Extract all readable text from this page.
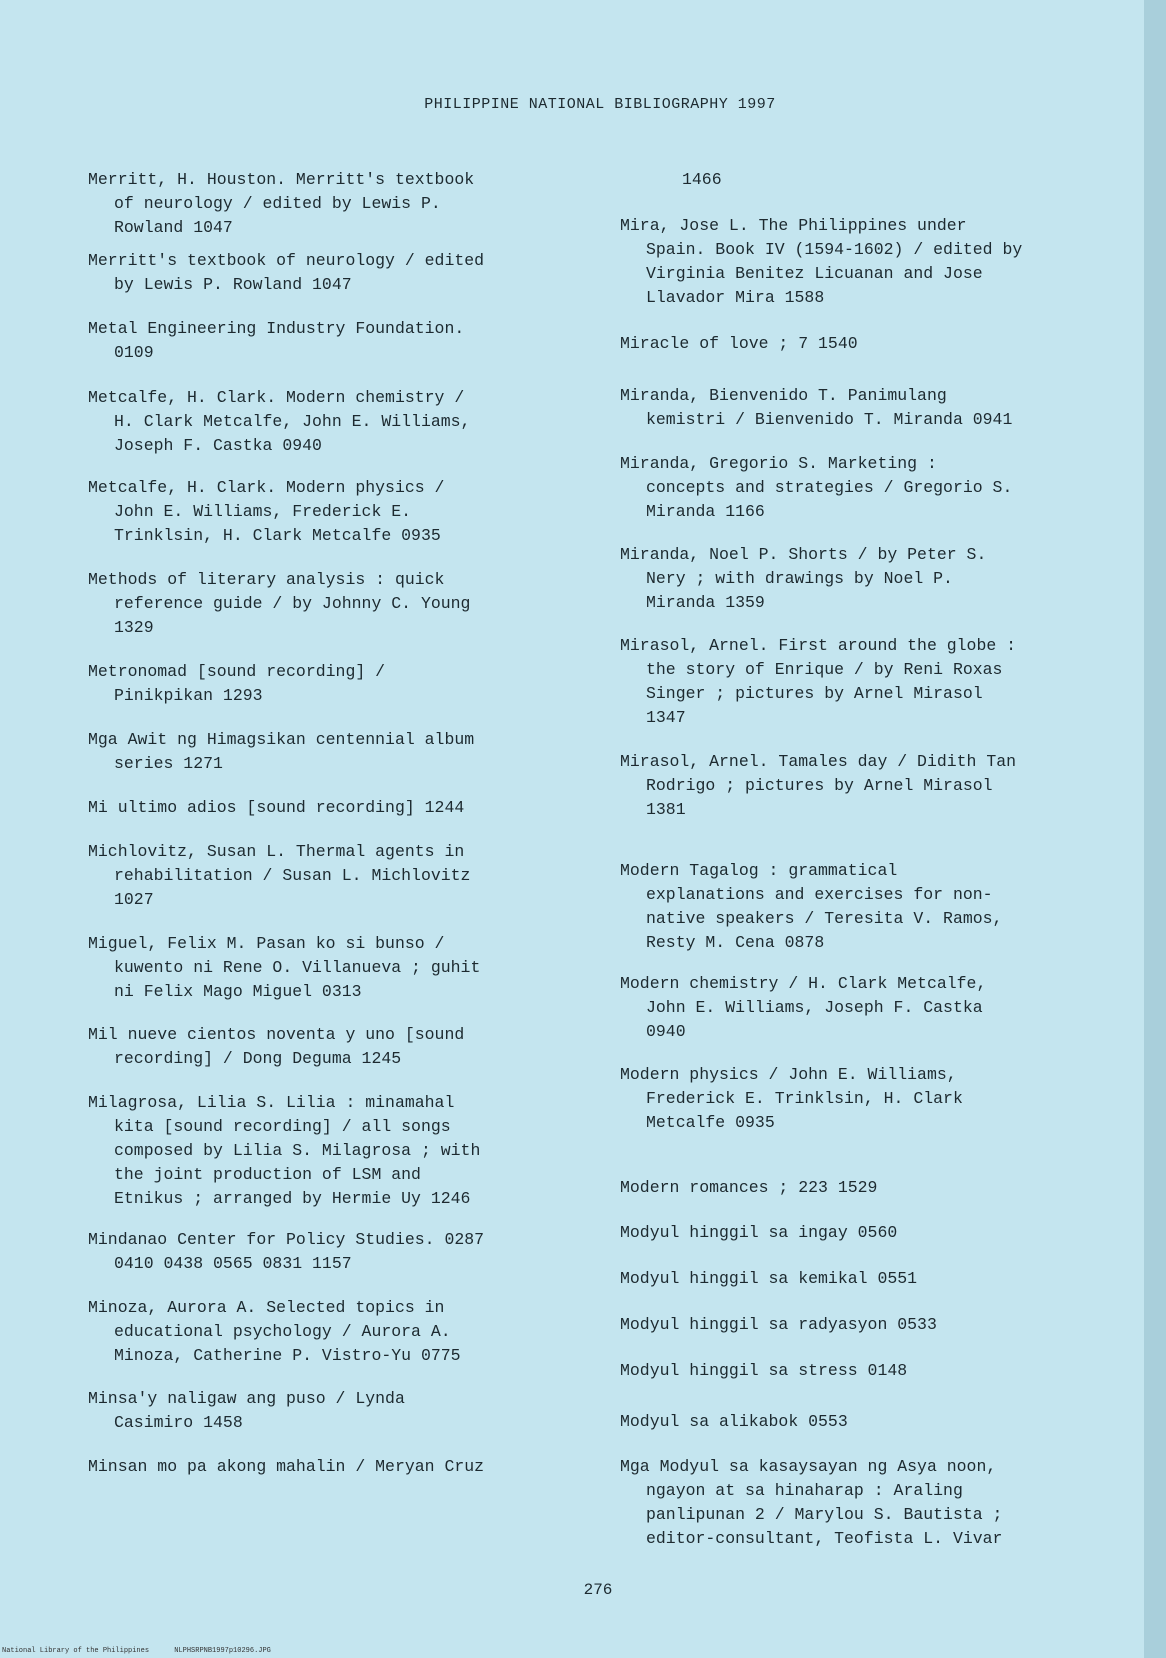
PHILIPPINE NATIONAL BIBLIOGRAPHY 1997

Merritt, H. Houston. Merritt's textbook
of neurology / edited by Lewis P.
Rowland 1047

Merritt's textbook of neurology / edited
by Lewis P. Rowland 1047

Metal Engineering Industry Foundation.
0109

Metcalfe, H. Clark. Modern chemistry /
H. Clark Metcalfe, John E. Williams,
Joseph F. Castka 0940

Metcalfe, H. Clark. Modern physics /
John E. Williams, Frederick E.
Trinklsin, H. Clark Metcalfe 0935

Methods of literary analysis : quick
reference guide / by Johnny C. Young
1329

Metronomad [sound recording] /
Pinikpikan 1293

Mga Awit ng Himagsikan centennial album
series 1271

Mi ultimo adios [sound recording] 1244

Michlovitz, Susan L. Thermal agents in
rehabilitation / Susan L. Michlovitz
1027

Miguel, Felix M. Pasan ko si bunso /
kuwento ni Rene O. Villanueva ; guhit
ni Felix Mago Miguel 0313

Mil nueve cientos noventa y uno [sound
recording] / Dong Deguma 1245

Milagrosa, Lilia S. Lilia : minamahal
kita [sound recording] / all songs
composed by Lilia S. Milagrosa ; with
the joint production of LSM and
Etnikus ; arranged by Hermie Uy 1246

Mindanao Center for Policy Studies. 0287
0410 0438 0565 0831 1157

Minoza, Aurora A. Selected topics in
educational psychology / Aurora A.
Minoza, Catherine P. Vistro-Yu 0775

Minsa'y naligaw ang puso / Lynda
Casimiro 1458

Minsan mo pa akong mahalin / Meryan Cruz

1466

Mira, Jose L. The Philippines under
Spain. Book IV (1594-1602) / edited by
Virginia Benitez Licuanan and Jose
Llavador Mira 1588

Miracle of love ; 7 1540

Miranda, Bienvenido T. Panimulang
kemistri / Bienvenido T. Miranda 0941

Miranda, Gregorio S. Marketing :
concepts and strategies / Gregorio S.
Miranda 1166

Miranda, Noel P. Shorts / by Peter S.
Nery ; with drawings by Noel P.
Miranda 1359

Mirasol, Arnel. First around the globe :
the story of Enrique / by Reni Roxas
Singer ; pictures by Arnel Mirasol
1347

Mirasol, Arnel. Tamales day / Didith Tan
Rodrigo ; pictures by Arnel Mirasol
1381

Modern Tagalog : grammatical
explanations and exercises for non-
native speakers / Teresita V. Ramos,
Resty M. Cena 0878

Modern chemistry / H. Clark Metcalfe,
John E. Williams, Joseph F. Castka
0940

Modern physics / John E. Williams,
Frederick E. Trinklsin, H. Clark
Metcalfe 0935

Modern romances ; 223 1529

Modyul hinggil sa ingay 0560

Modyul hinggil sa kemikal 0551

Modyul hinggil sa radyasyon 0533

Modyul hinggil sa stress 0148

Modyul sa alikabok 0553

Mga Modyul sa kasaysayan ng Asya noon,
ngayon at sa hinaharap : Araling
panlipunan 2 / Marylou S. Bautista ;
editor-consultant, Teofista L. Vivar

276
National Library of the Philippines	NLPHSRPNB1997p10296.JPG
